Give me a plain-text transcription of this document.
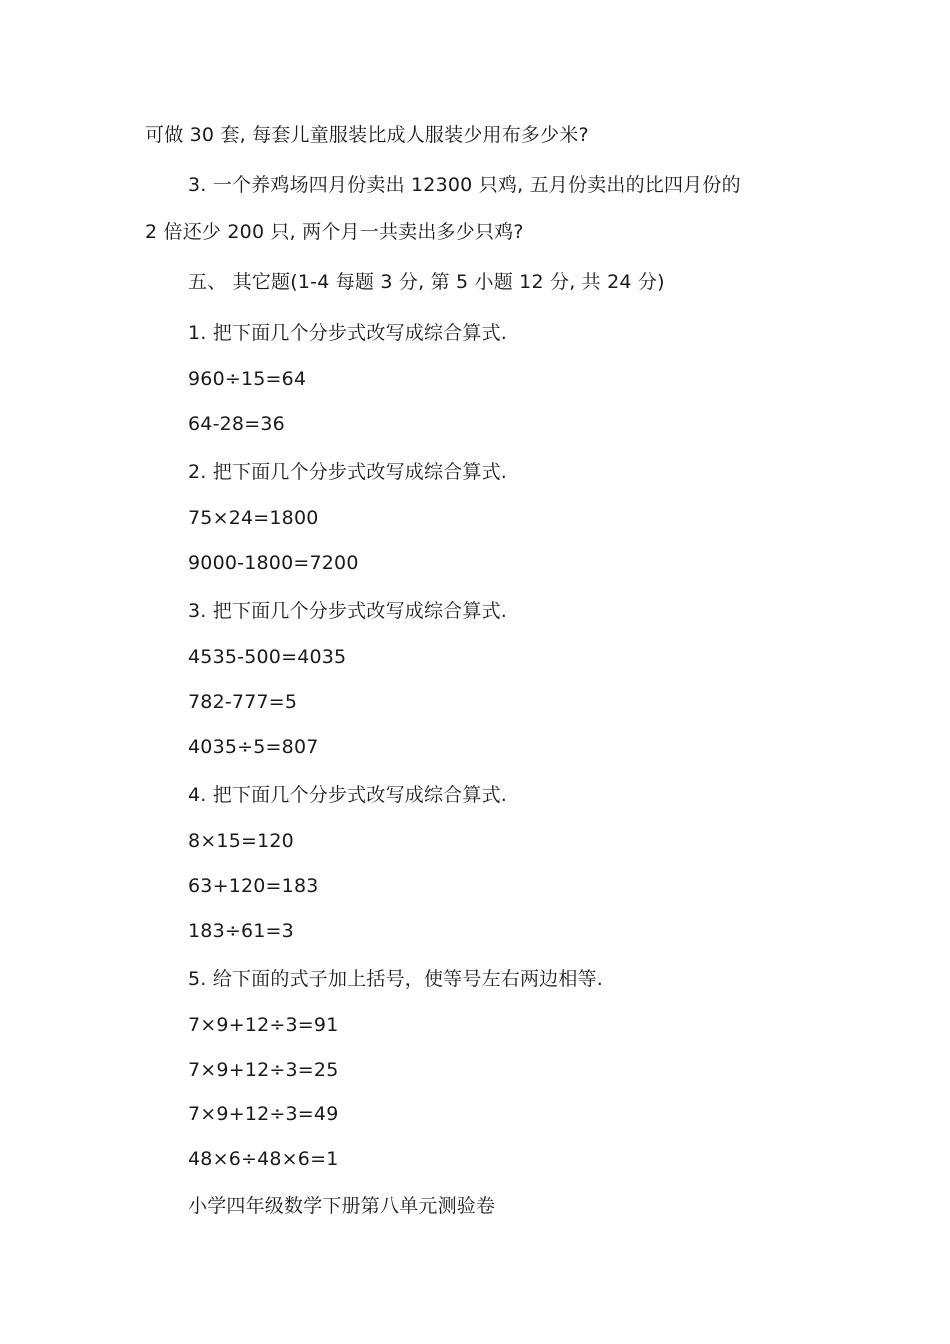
可做 30 套, 每套儿童服装比成人服装少用布多少米?
3. 一个养鸡场四月份卖出 12300 只鸡, 五月份卖出的比四月份的
2 倍还少 200 只, 两个月一共卖出多少只鸡?
五、 其它题(1-4 每题 3 分, 第 5 小题 12 分, 共 24 分)
1. 把下面几个分步式改写成综合算式.
960÷15=64
64-28=36
2. 把下面几个分步式改写成综合算式.
75×24=1800
9000-1800=7200
3. 把下面几个分步式改写成综合算式.
4535-500=4035
782-777=5
4035÷5=807
4. 把下面几个分步式改写成综合算式.
8×15=120
63+120=183
183÷61=3
5. 给下面的式子加上括号，使等号左右两边相等.
7×9+12÷3=91
7×9+12÷3=25
7×9+12÷3=49
48×6÷48×6=1
小学四年级数学下册第八单元测验卷
